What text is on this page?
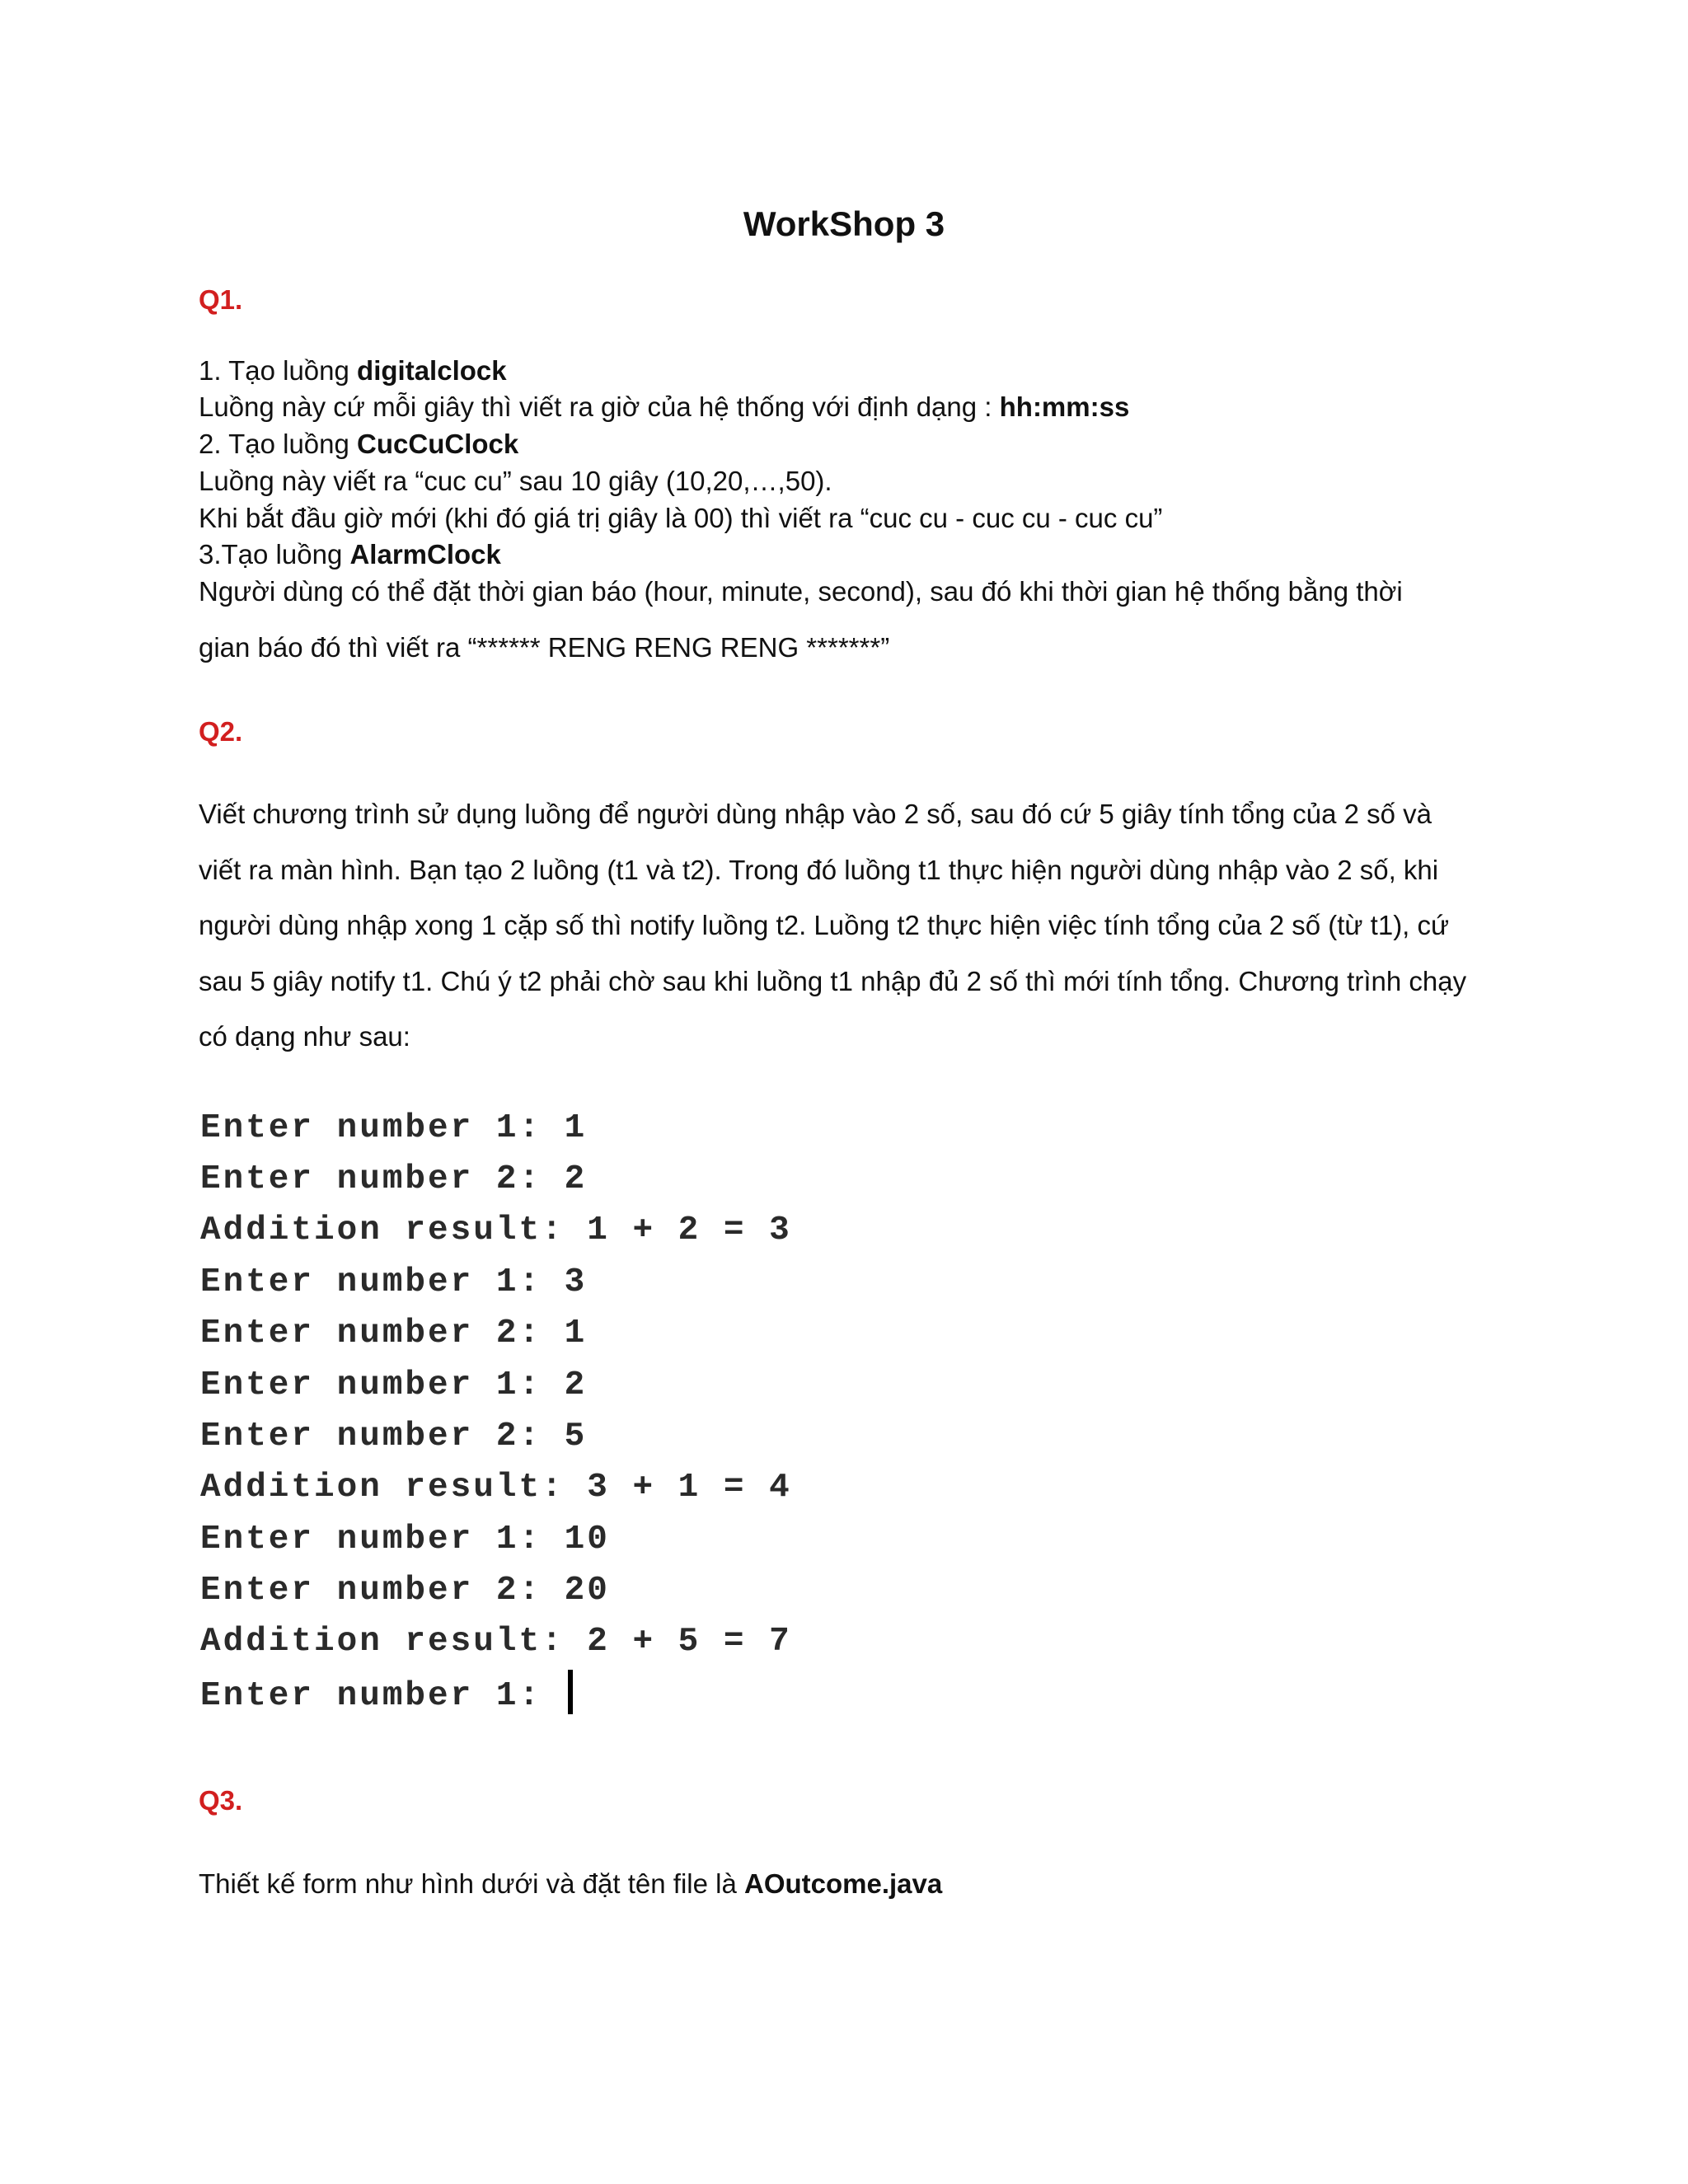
WorkShop 3
Q1.
1. Tạo luồng digitalclock
Luồng này cứ mỗi giây thì viết ra giờ của hệ thống với định dạng : hh:mm:ss
2. Tạo luồng CucCuClock
Luồng này viết ra “cuc cu” sau 10 giây (10,20,…,50).
Khi bắt đầu giờ mới (khi đó giá trị giây là 00) thì viết ra “cuc cu - cuc cu - cuc cu”
3.Tạo luồng AlarmClock
Người dùng có thể đặt thời gian báo (hour, minute, second), sau đó khi thời gian hệ thống bằng thời
gian báo đó thì viết ra “****** RENG RENG RENG *******”
Q2.
Viết chương trình sử dụng luồng để người dùng nhập vào 2 số, sau đó cứ 5 giây tính tổng của 2 số và
viết ra màn hình. Bạn tạo 2 luồng (t1 và t2). Trong đó luồng t1 thực hiện người dùng nhập vào 2 số, khi
người dùng nhập xong 1 cặp số thì notify luồng t2. Luồng t2 thực hiện việc tính tổng của 2 số (từ t1), cứ
sau 5 giây notify t1. Chú ý t2 phải chờ sau khi luồng t1 nhập đủ 2 số thì mới tính tổng. Chương trình chạy
có dạng như sau:
Enter number 1: 1
Enter number 2: 2
Addition result: 1 + 2 = 3
Enter number 1: 3
Enter number 2: 1
Enter number 1: 2
Enter number 2: 5
Addition result: 3 + 1 = 4
Enter number 1: 10
Enter number 2: 20
Addition result: 2 + 5 = 7
Enter number 1:
Q3.
Thiết kế form như hình dưới và đặt tên file là AOutcome.java
